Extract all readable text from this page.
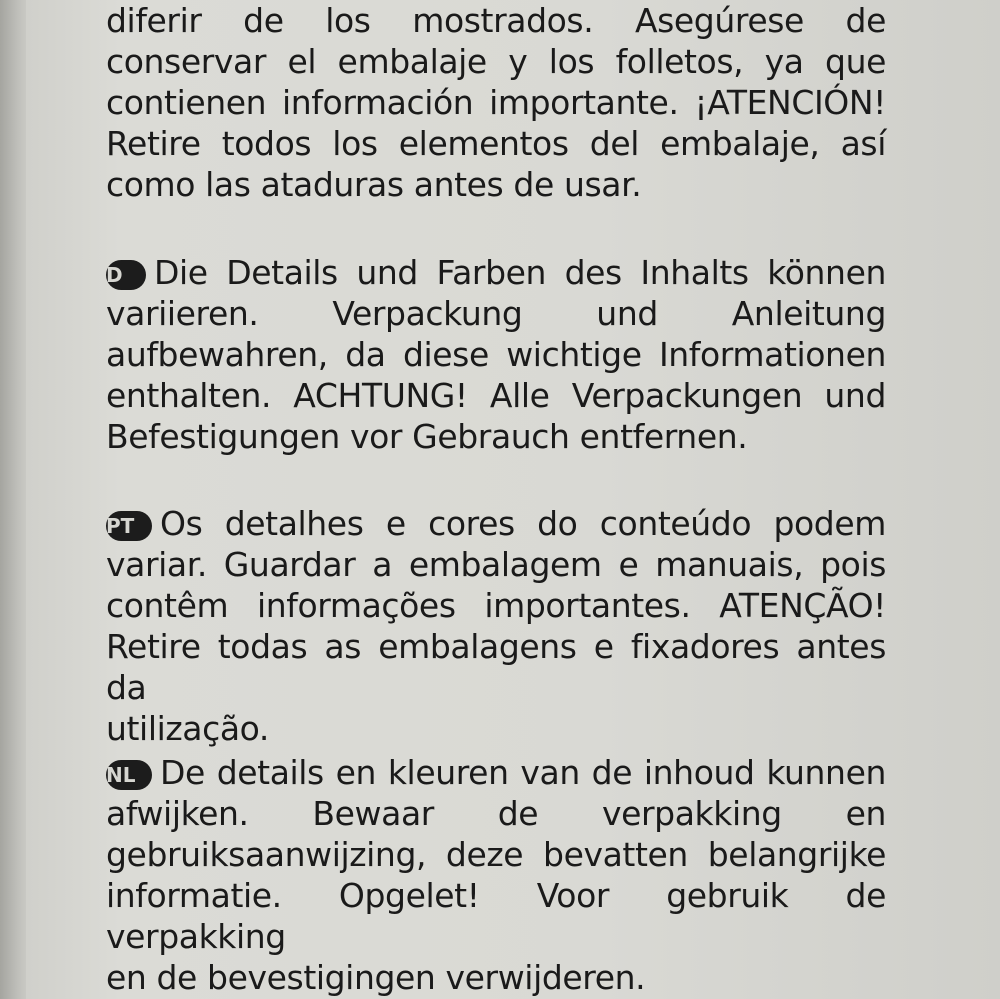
diferir de los mostrados. Asegúrese de
conservar el embalaje y los folletos, ya que
contienen información importante. ¡ATENCIÓN!
Retire todos los elementos del embalaje, así
como las ataduras antes de usar.
D Die Details und Farben des Inhalts können
variieren. Verpackung und Anleitung
aufbewahren, da diese wichtige Informationen
enthalten. ACHTUNG! Alle Verpackungen und
Befestigungen vor Gebrauch entfernen.
PT Os detalhes e cores do conteúdo podem
variar. Guardar a embalagem e manuais, pois
contêm informações importantes. ATENÇÃO!
Retire todas as embalagens e fixadores antes da
utilização.
NL De details en kleuren van de inhoud kunnen
afwijken. Bewaar de verpakking en
gebruiksaanwijzing, deze bevatten belangrijke
informatie. Opgelet! Voor gebruik de verpakking
en de bevestigingen verwijderen.
